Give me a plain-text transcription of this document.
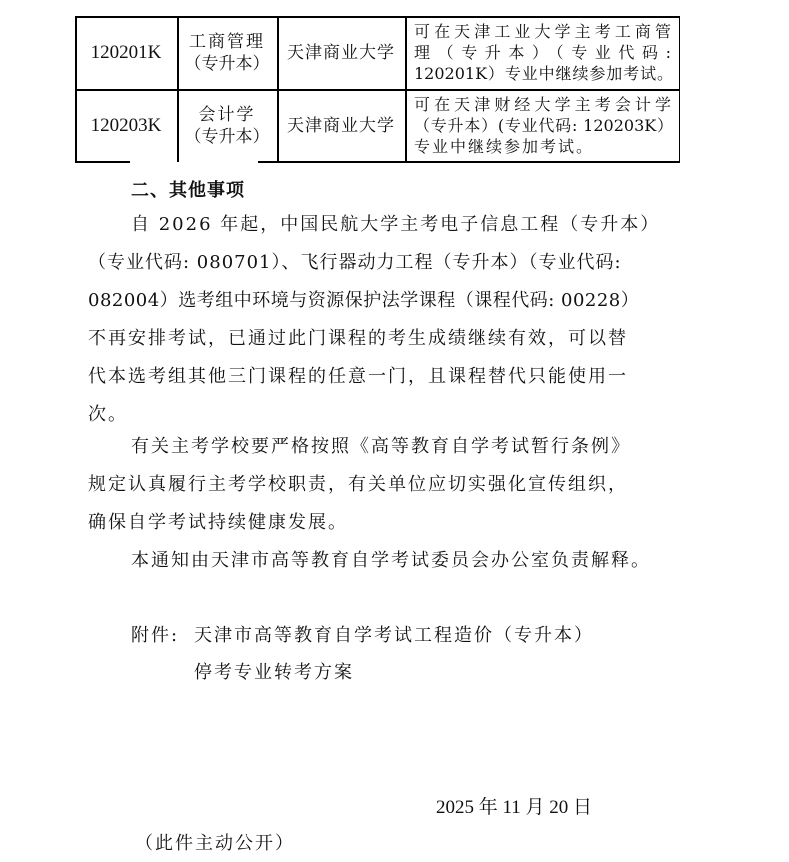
120201K	工商管理
（专升本）
天津商业大学
可在天津工业大学主考工商管
理（专升本）（专业代码:
120201K）专业中继续参加考试。
120203K	会计学
（专升本）
天津商业大学
可在天津财经大学主考会计学
（专升本）(专业代码: 120203K）
专业中继续参加考试。
二、其他事项
自 2026 年起，中国民航大学主考电子信息工程（专升本）
（专业代码: 080701）、飞行器动力工程（专升本）（专业代码:
082004）选考组中环境与资源保护法学课程（课程代码: 00228）
不再安排考试，已通过此门课程的考生成绩继续有效，可以替
代本选考组其他三门课程的任意一门，且课程替代只能使用一
次。
有关主考学校要严格按照《高等教育自学考试暂行条例》
规定认真履行主考学校职责，有关单位应切实强化宣传组织，
确保自学考试持续健康发展。
本通知由天津市高等教育自学考试委员会办公室负责解释。
附件: 天津市高等教育自学考试工程造价（专升本）
停考专业转考方案
2025 年 11 月 20 日
（此件主动公开）
